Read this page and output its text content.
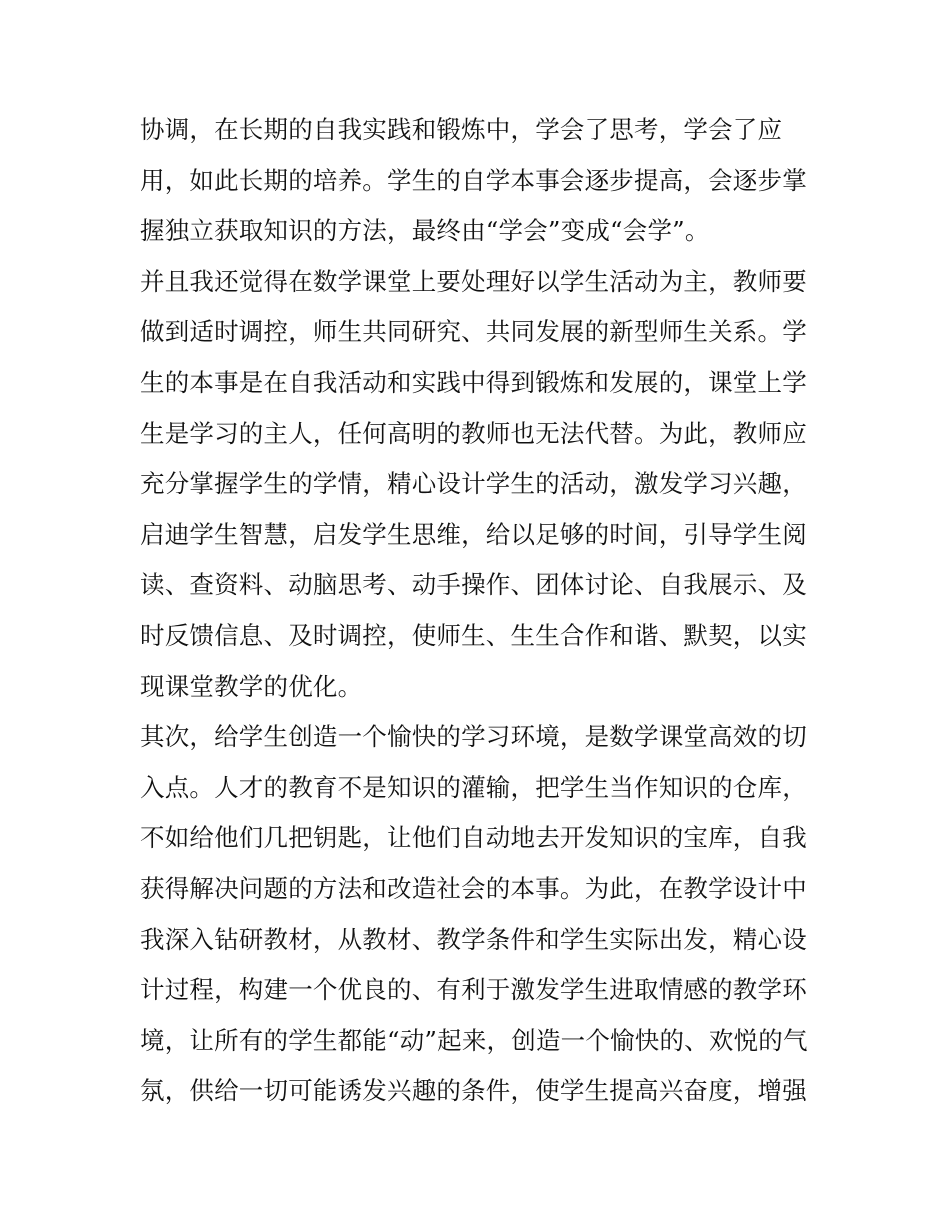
协调，在长期的自我实践和锻炼中，学会了思考，学会了应
用，如此长期的培养。学生的自学本事会逐步提高，会逐步掌
握独立获取知识的方法，最终由“学会”变成“会学”。
并且我还觉得在数学课堂上要处理好以学生活动为主，教师要
做到适时调控，师生共同研究、共同发展的新型师生关系。学
生的本事是在自我活动和实践中得到锻炼和发展的，课堂上学
生是学习的主人，任何高明的教师也无法代替。为此，教师应
充分掌握学生的学情，精心设计学生的活动，激发学习兴趣，
启迪学生智慧，启发学生思维，给以足够的时间，引导学生阅
读、查资料、动脑思考、动手操作、团体讨论、自我展示、及
时反馈信息、及时调控，使师生、生生合作和谐、默契，以实
现课堂教学的优化。
其次，给学生创造一个愉快的学习环境，是数学课堂高效的切
入点。人才的教育不是知识的灌输，把学生当作知识的仓库，
不如给他们几把钥匙，让他们自动地去开发知识的宝库，自我
获得解决问题的方法和改造社会的本事。为此，在教学设计中
我深入钻研教材，从教材、教学条件和学生实际出发，精心设
计过程，构建一个优良的、有利于激发学生进取情感的教学环
境，让所有的学生都能“动”起来，创造一个愉快的、欢悦的气
氛，供给一切可能诱发兴趣的条件，使学生提高兴奋度，增强
